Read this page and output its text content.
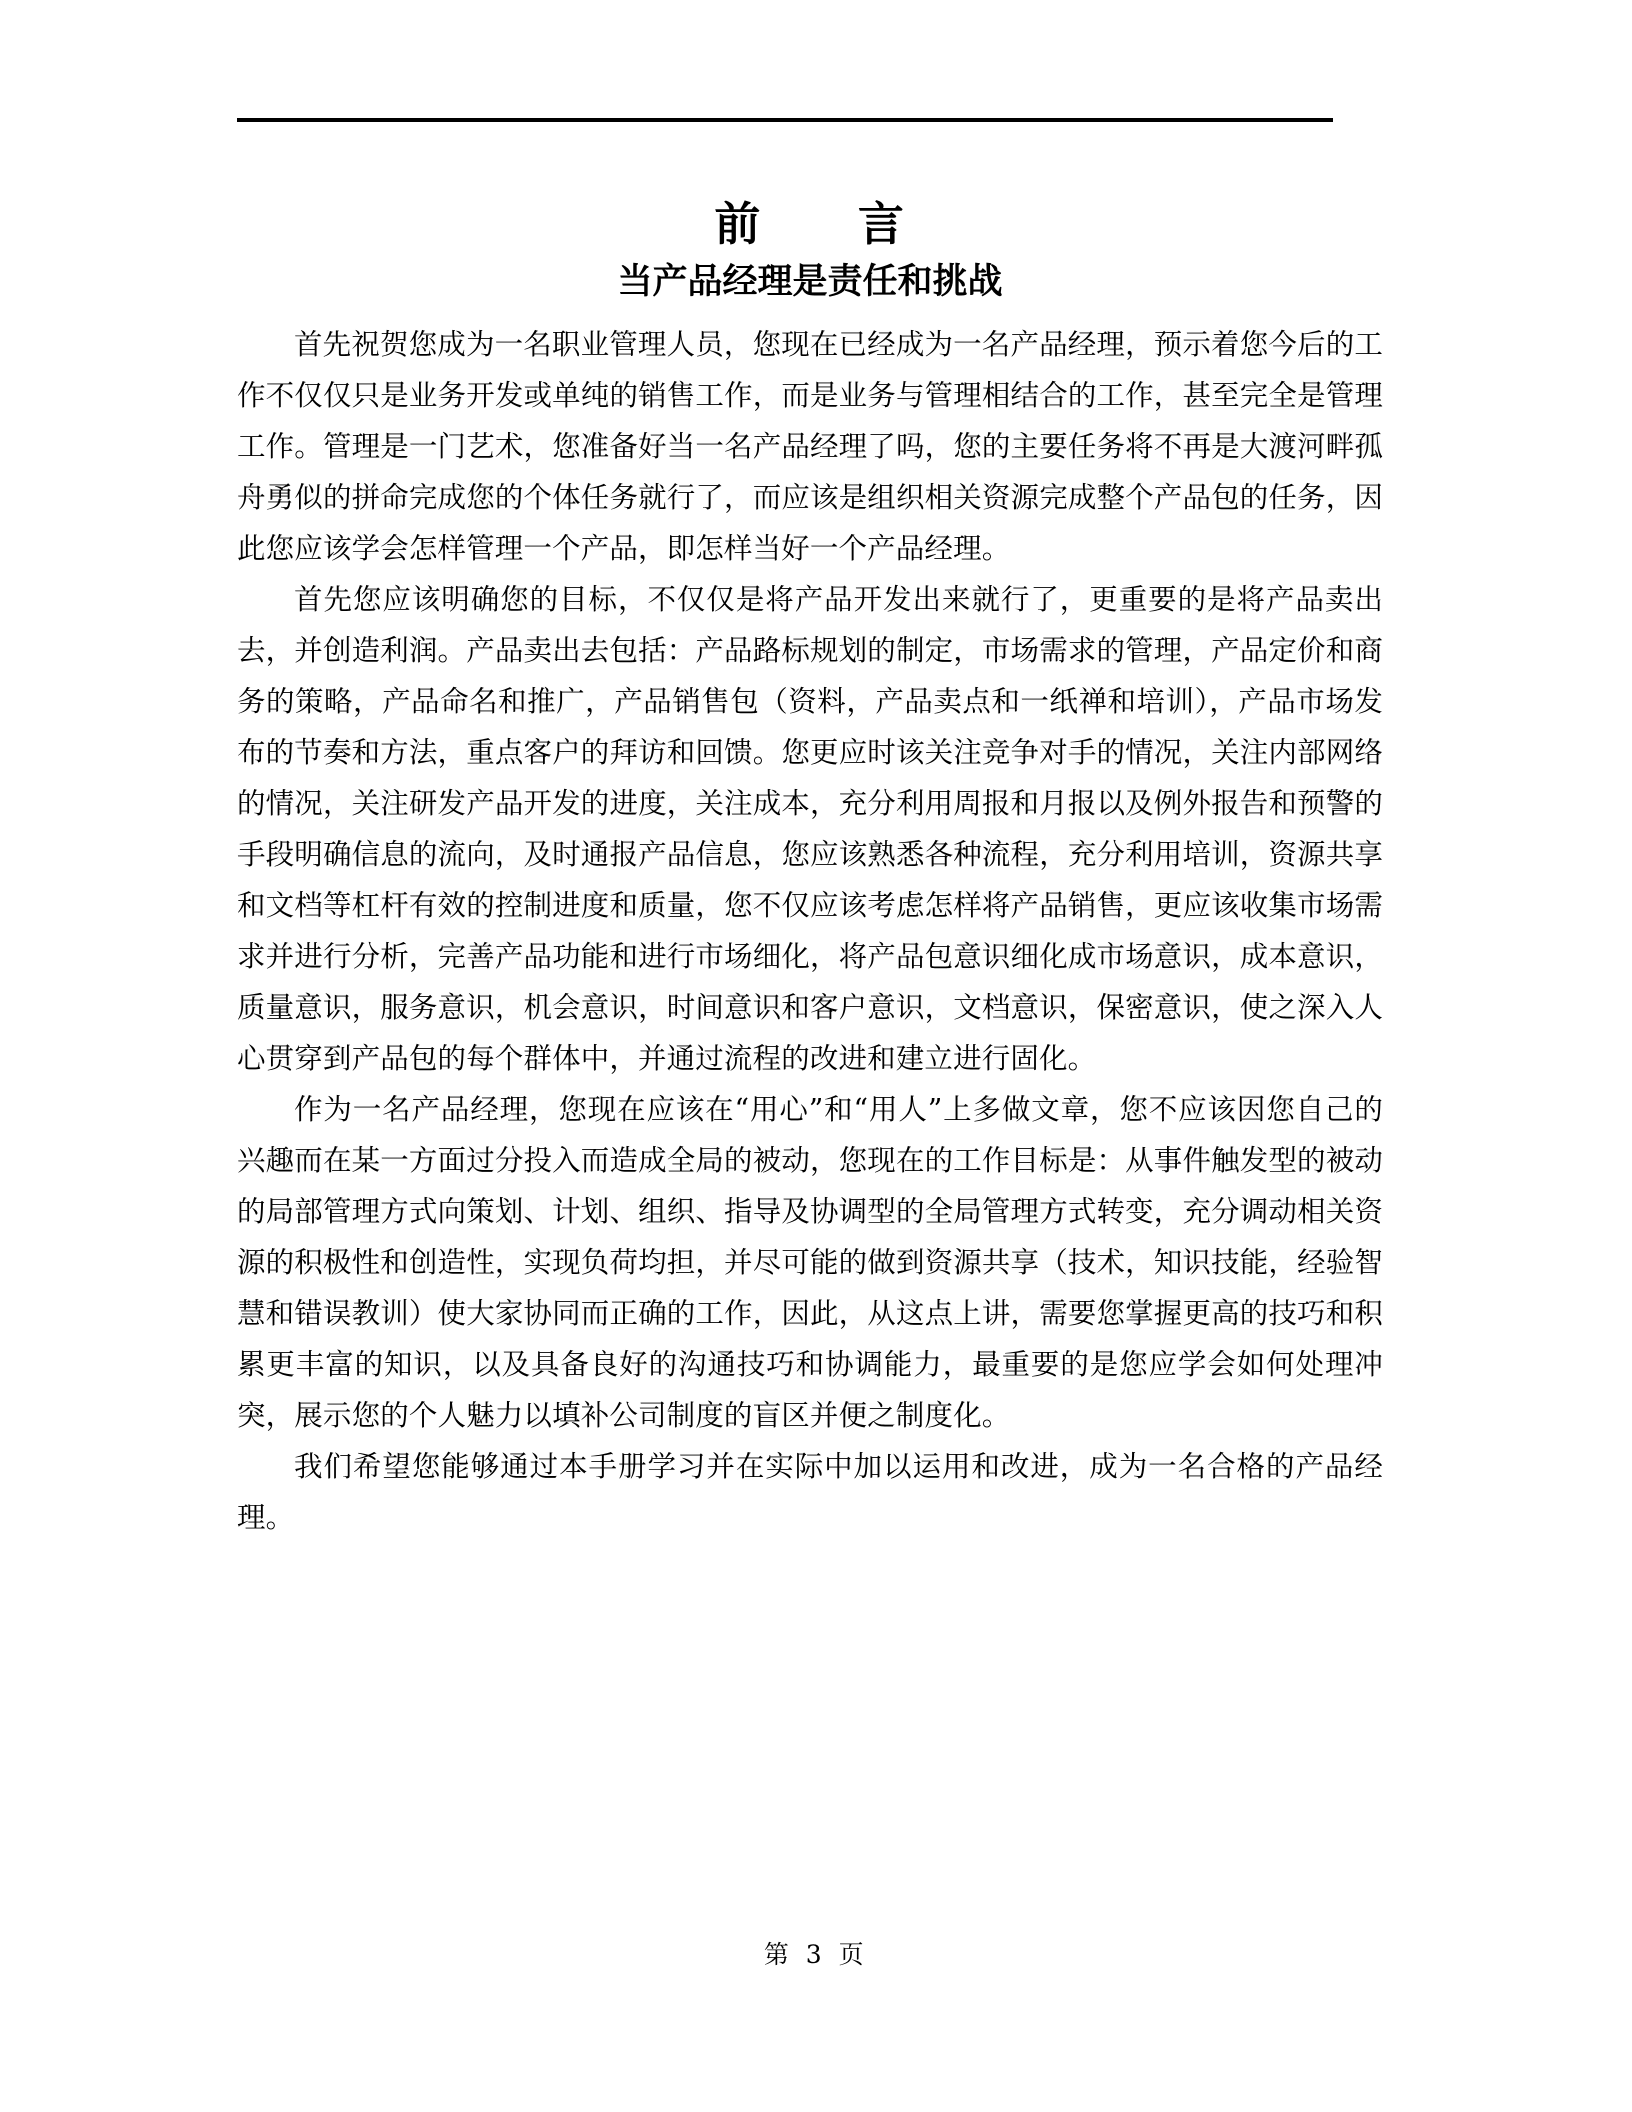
前　　言
当产品经理是责任和挑战

首先祝贺您成为一名职业管理人员，您现在已经成为一名产品经理，预示着您今后的工作不仅仅只是业务开发或单纯的销售工作，而是业务与管理相结合的工作，甚至完全是管理工作。管理是一门艺术，您准备好当一名产品经理了吗，您的主要任务将不再是大渡河畔孤舟勇似的拼命完成您的个体任务就行了，而应该是组织相关资源完成整个产品包的任务，因此您应该学会怎样管理一个产品，即怎样当好一个产品经理。

首先您应该明确您的目标，不仅仅是将产品开发出来就行了，更重要的是将产品卖出去，并创造利润。产品卖出去包括：产品路标规划的制定，市场需求的管理，产品定价和商务的策略，产品命名和推广，产品销售包（资料，产品卖点和一纸禅和培训），产品市场发布的节奏和方法，重点客户的拜访和回馈。您更应时该关注竞争对手的情况，关注内部网络的情况，关注研发产品开发的进度，关注成本，充分利用周报和月报以及例外报告和预警的手段明确信息的流向，及时通报产品信息，您应该熟悉各种流程，充分利用培训，资源共享和文档等杠杆有效的控制进度和质量，您不仅应该考虑怎样将产品销售，更应该收集市场需求并进行分析，完善产品功能和进行市场细化，将产品包意识细化成市场意识，成本意识，质量意识，服务意识，机会意识，时间意识和客户意识，文档意识，保密意识，使之深入人心贯穿到产品包的每个群体中，并通过流程的改进和建立进行固化。

作为一名产品经理，您现在应该在“用心”和“用人”上多做文章，您不应该因您自己的兴趣而在某一方面过分投入而造成全局的被动，您现在的工作目标是：从事件触发型的被动的局部管理方式向策划、计划、组织、指导及协调型的全局管理方式转变，充分调动相关资源的积极性和创造性，实现负荷均担，并尽可能的做到资源共享（技术，知识技能，经验智慧和错误教训）使大家协同而正确的工作，因此，从这点上讲，需要您掌握更高的技巧和积累更丰富的知识，以及具备良好的沟通技巧和协调能力，最重要的是您应学会如何处理冲突，展示您的个人魅力以填补公司制度的盲区并便之制度化。

我们希望您能够通过本手册学习并在实际中加以运用和改进，成为一名合格的产品经理。

第 3 页
